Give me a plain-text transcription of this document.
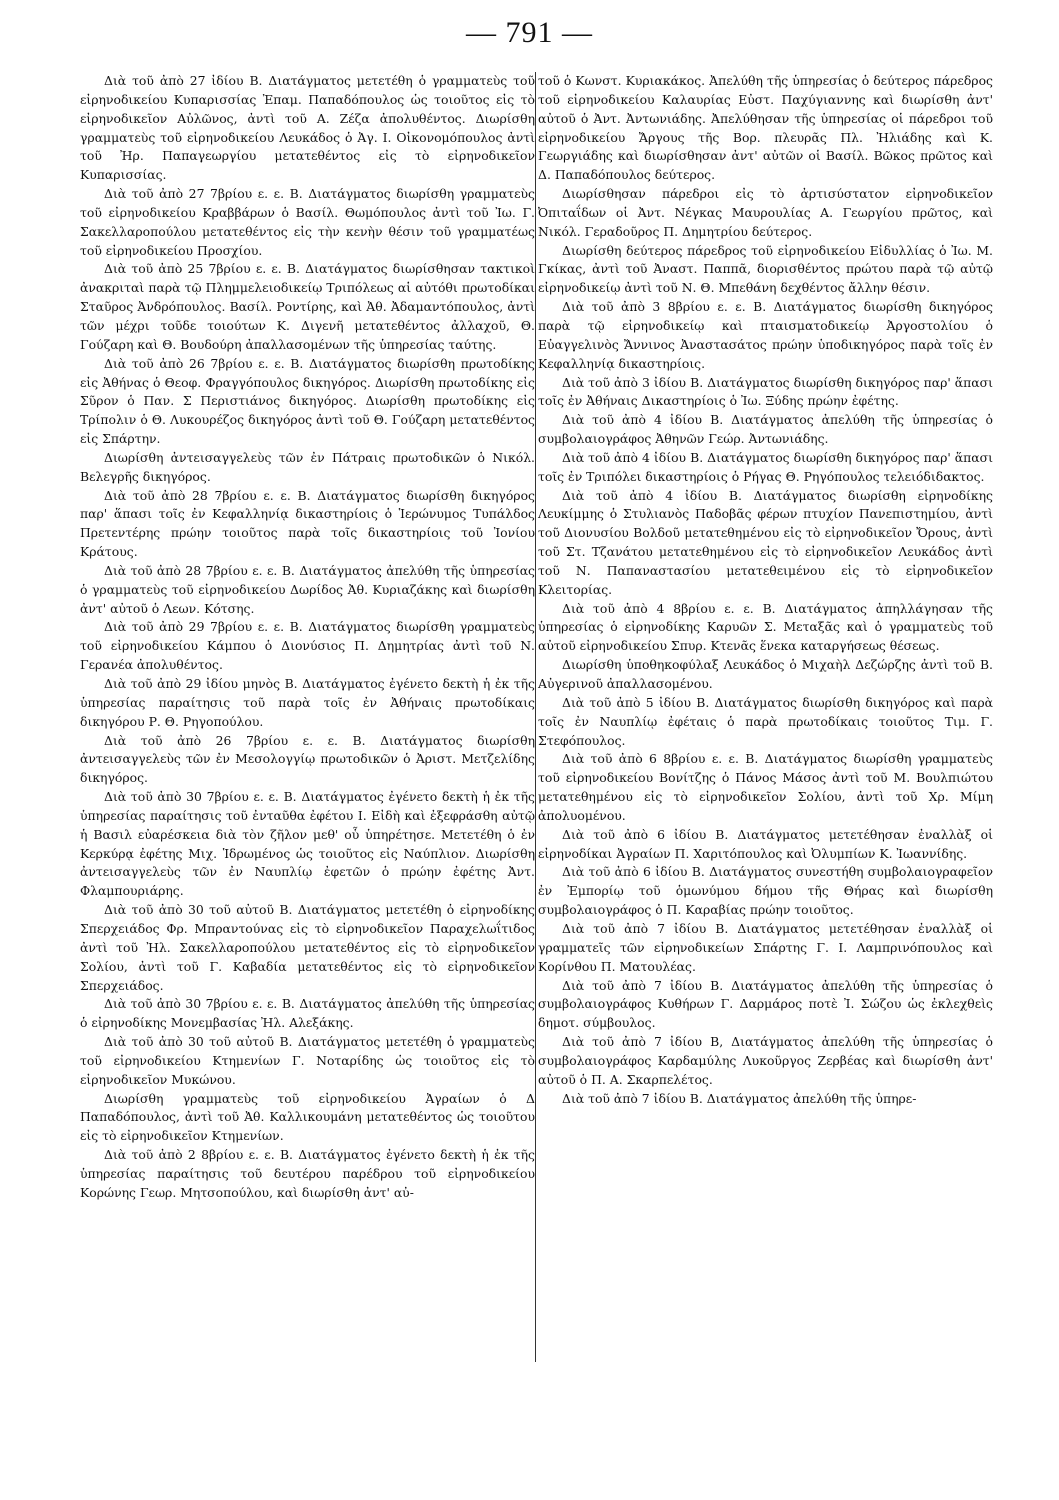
— 791 —

Διὰ τοῦ ἀπὸ 27 ἰδίου Β. Διατάγματος μετετέθη ὁ γραμματεὺς τοῦ εἰρηνοδικείου Κυπαρισσίας Ἐπαμ. Παπαδόπουλος ὡς τοιοῦτος εἰς τὸ εἰρηνοδικεῖον Αὐλῶνος, ἀντὶ τοῦ Α. Ζέζα ἀπολυθέντος. Διωρίσθη γραμματεὺς τοῦ εἰρηνοδικείου Λευκάδος ὁ Ἀγ. Ι. Οἰκονομόπουλος ἀντὶ τοῦ Ἠρ. Παπαγεωργίου μετατεθέντος εἰς τὸ εἰρηνοδικεῖον Κυπαρισσίας.

Διὰ τοῦ ἀπὸ 27 7βρίου ε. ε. Β. Διατάγματος διωρίσθη γραμματεὺς τοῦ εἰρηνοδικείου Κραββάρων ὁ Βασίλ. Θωμόπουλος ἀντὶ τοῦ Ἰω. Γ. Σακελλαροπούλου μετατεθέντος εἰς τὴν κενὴν θέσιν τοῦ γραμματέως τοῦ εἰρηνοδικείου Προσχίου.

Διὰ τοῦ ἀπὸ 25 7βρίου ε. ε. Β. Διατάγματος διωρίσθησαν τακτικοὶ ἀνακριταὶ παρὰ τῷ Πλημμελειοδικείῳ Τριπόλεως αἱ αὐτόθι πρωτοδίκαι Σταῦρος Ἀνδρόπουλος. Βασίλ. Ροντίρης, καὶ Ἀθ. Ἀδαμαντόπουλος, ἀντὶ τῶν μέχρι τοῦδε τοιούτων Κ. Διγενῆ μετατεθέντος ἀλλαχοῦ, Θ. Γούζαρη καὶ Θ. Βουδούρη ἀπαλλασομένων τῆς ὑπηρεσίας ταύτης.

Διὰ τοῦ ἀπὸ 26 7βρίου ε. ε. Β. Διατάγματος διωρίσθη πρωτοδίκης εἰς Ἀθήνας ὁ Θεοφ. Φραγγόπουλος δικηγόρος. Διωρίσθη πρωτοδίκης εἰς Σῦρον ὁ Παν. Σ Περιστιάνος δικηγόρος. Διωρίσθη πρωτοδίκης εἰς Τρίπολιν ὁ Θ. Λυκουρέζος δικηγόρος ἀντὶ τοῦ Θ. Γούζαρη μετατεθέντος εἰς Σπάρτην.

Διωρίσθη ἀντεισαγγελεὺς τῶν ἐν Πάτραις πρωτοδικῶν ὁ Νικόλ. Βελεγρῆς δικηγόρος.

Διὰ τοῦ ἀπὸ 28 7βρίου ε. ε. Β. Διατάγματος διωρίσθη δικηγόρος παρ' ἅπασι τοῖς ἐν Κεφαλληνίᾳ δικαστηρίοις ὁ Ἱερώνυμος Τυπάλδος Πρετεντέρης πρώην τοιοῦτος παρὰ τοῖς δικαστηρίοις τοῦ Ἰονίου Κράτους.

Διὰ τοῦ ἀπὸ 28 7βρίου ε. ε. Β. Διατάγματος ἀπελύθη τῆς ὑπηρεσίας ὁ γραμματεὺς τοῦ εἰρηνοδικείου Δωρίδος Ἀθ. Κυριαζάκης καὶ διωρίσθη ἀντ' αὐτοῦ ὁ Λεων. Κότσης.

Διὰ τοῦ ἀπὸ 29 7βρίου ε. ε. Β. Διατάγματος διωρίσθη γραμματεὺς τοῦ εἰρηνοδικείου Κάμπου ὁ Διονύσιος Π. Δημητρίας ἀντὶ τοῦ Ν. Γερανέα ἀπολυθέντος.

Διὰ τοῦ ἀπὸ 29 ἰδίου μηνὸς Β. Διατάγματος ἐγένετο δεκτὴ ἡ ἐκ τῆς ὑπηρεσίας παραίτησις τοῦ παρὰ τοῖς ἐν Ἀθήναις πρωτοδίκαις δικηγόρου Ρ. Θ. Ρηγοπούλου.

Διὰ τοῦ ἀπὸ 26 7βρίου ε. ε. Β. Διατάγματος διωρίσθη ἀντεισαγγελεὺς τῶν ἐν Μεσολογγίῳ πρωτοδικῶν ὁ Ἀριστ. Μετζελίδης δικηγόρος.

Διὰ τοῦ ἀπὸ 30 7βρίου ε. ε. Β. Διατάγματος ἐγένετο δεκτὴ ἡ ἐκ τῆς ὑπηρεσίας παραίτησις τοῦ ἐνταῦθα ἐφέτου Ι. Εἰδὴ καὶ ἐξεφράσθη αὐτῷ ἡ Βασιλ εὐαρέσκεια διὰ τὸν ζῆλον μεθ' οὗ ὑπηρέτησε. Μετετέθη ὁ ἐν Κερκύρᾳ ἐφέτης Μιχ. Ἱδρωμένος ὡς τοιοῦτος εἰς Ναύπλιον. Διωρίσθη ἀντεισαγγελεὺς τῶν ἐν Ναυπλίῳ ἐφετῶν ὁ πρώην ἐφέτης Ἀντ. Φλαμπουριάρης.

Διὰ τοῦ ἀπὸ 30 τοῦ αὐτοῦ Β. Διατάγματος μετετέθη ὁ εἰρηνοδίκης Σπερχειάδος Φρ. Μπραντούνας εἰς τὸ εἰρηνοδικεῖον Παραχελωΐτιδος ἀντὶ τοῦ Ἠλ. Σακελλαροπούλου μετατεθέντος εἰς τὸ εἰρηνοδικεῖον Σολίου, ἀντὶ τοῦ Γ. Καβαδία μετατεθέντος εἰς τὸ εἰρηνοδικεῖον Σπερχειάδος.

Διὰ τοῦ ἀπὸ 30 7βρίου ε. ε. Β. Διατάγματος ἀπελύθη τῆς ὑπηρεσίας ὁ εἰρηνοδίκης Μονεμβασίας Ἠλ. Αλεξάκης.

Διὰ τοῦ ἀπὸ 30 τοῦ αὐτοῦ Β. Διατάγματος μετετέθη ὁ γραμματεὺς τοῦ εἰρηνοδικείου Κτημενίων Γ. Νοταρίδης ὡς τοιοῦτος εἰς τὸ εἰρηνοδικεῖον Μυκώνου.

Διωρίσθη γραμματεὺς τοῦ εἰρηνοδικείου Ἀγραίων ὁ Δ Παπαδόπουλος, ἀντὶ τοῦ Ἀθ. Καλλικουμάνη μετατεθέντος ὡς τοιοῦτου εἰς τὸ εἰρηνοδικεῖον Κτημενίων.

Διὰ τοῦ ἀπὸ 2 8βρίου ε. ε. Β. Διατάγματος ἐγένετο δεκτὴ ἡ ἐκ τῆς ὑπηρεσίας παραίτησις τοῦ δευτέρου παρέδρου τοῦ εἰρηνοδικείου Κορώνης Γεωρ. Μητσοπούλου, καὶ διωρίσθη ἀντ' αὐ-

τοῦ ὁ Κωνστ. Κυριακάκος. Ἀπελύθη τῆς ὑπηρεσίας ὁ δεύτερος πάρεδρος τοῦ εἰρηνοδικείου Καλαυρίας Εὐστ. Παχύγιαννης καὶ διωρίσθη ἀντ' αὐτοῦ ὁ Ἀντ. Ἀντωνιάδης. Ἀπελύθησαν τῆς ὑπηρεσίας οἱ πάρεδροι τοῦ εἰρηνοδικείου Ἄργους τῆς Βορ. πλευρᾶς Πλ. Ἠλιάδης καὶ Κ. Γεωργιάδης καὶ διωρίσθησαν ἀντ' αὐτῶν οἱ Βασίλ. Βῶκος πρῶτος καὶ Δ. Παπαδόπουλος δεύτερος.

Διωρίσθησαν πάρεδροι εἰς τὸ ἀρτισύστατον εἰρηνοδικεῖον Ὀπιταΐδων οἱ Ἀντ. Νέγκας Μαυρουλίας Α. Γεωργίου πρῶτος, καὶ Νικόλ. Γεραδοῦρος Π. Δημητρίου δεύτερος.

Διωρίσθη δεύτερος πάρεδρος τοῦ εἰρηνοδικείου Εἰδυλλίας ὁ Ἰω. Μ. Γκίκας, ἀντὶ τοῦ Ἀναστ. Παππᾶ, διορισθέντος πρώτου παρὰ τῷ αὐτῷ εἰρηνοδικείῳ ἀντὶ τοῦ Ν. Θ. Μπεθάνη δεχθέντος ἄλλην θέσιν.

Διὰ τοῦ ἀπὸ 3 8βρίου ε. ε. Β. Διατάγματος διωρίσθη δικηγόρος παρὰ τῷ εἰρηνοδικείῳ καὶ πταισματοδικείῳ Ἀργοστολίου ὁ Εὐαγγελινὸς Ἄννινος Ἀναστασάτος πρώην ὑποδικηγόρος παρὰ τοῖς ἐν Κεφαλληνίᾳ δικαστηρίοις.

Διὰ τοῦ ἀπὸ 3 ἰδίου Β. Διατάγματος διωρίσθη δικηγόρος παρ' ἅπασι τοῖς ἐν Ἀθήναις Δικαστηρίοις ὁ Ἰω. Ξύδης πρώην ἐφέτης.

Διὰ τοῦ ἀπὸ 4 ἰδίου Β. Διατάγματος ἀπελύθη τῆς ὑπηρεσίας ὁ συμβολαιογράφος Ἀθηνῶν Γεώρ. Ἀντωνιάδης.

Διὰ τοῦ ἀπὸ 4 ἰδίου Β. Διατάγματος διωρίσθη δικηγόρος παρ' ἅπασι τοῖς ἐν Τριπόλει δικαστηρίοις ὁ Ρήγας Θ. Ρηγόπουλος τελειόδιδακτος.

Διὰ τοῦ ἀπὸ 4 ἰδίου Β. Διατάγματος διωρίσθη εἰρηνοδίκης Λευκίμμης ὁ Στυλιανὸς Παδοβᾶς φέρων πτυχίον Πανεπιστημίου, ἀντὶ τοῦ Διονυσίου Βολδοῦ μετατεθημένου εἰς τὸ εἰρηνοδικεῖον Ὄρους, ἀντὶ τοῦ Στ. Τζανάτου μετατεθημένου εἰς τὸ εἰρηνοδικεῖον Λευκάδος ἀντὶ τοῦ Ν. Παπαναστασίου μετατεθειμένου εἰς τὸ εἰρηνοδικεῖον Κλειτορίας.

Διὰ τοῦ ἀπὸ 4 8βρίου ε. ε. Β. Διατάγματος ἀπηλλάγησαν τῆς ὑπηρεσίας ὁ εἰρηνοδίκης Καρυῶν Σ. Μεταξᾶς καὶ ὁ γραμματεὺς τοῦ αὐτοῦ εἰρηνοδικείου Σπυρ. Κτενᾶς ἕνεκα καταργήσεως θέσεως.

Διωρίσθη ὑποθηκοφύλαξ Λευκάδος ὁ Μιχαὴλ Δεζώρζης ἀντὶ τοῦ Β. Αὐγερινοῦ ἀπαλλασομένου.

Διὰ τοῦ ἀπὸ 5 ἰδίου Β. Διατάγματος διωρίσθη δικηγόρος καὶ παρὰ τοῖς ἐν Ναυπλίῳ ἐφέταις ὁ παρὰ πρωτοδίκαις τοιοῦτος Τιμ. Γ. Στεφόπουλος.

Διὰ τοῦ ἀπὸ 6 8βρίου ε. ε. Β. Διατάγματος διωρίσθη γραμματεὺς τοῦ εἰρηνοδικείου Βονίτζης ὁ Πάνος Μάσος ἀντὶ τοῦ Μ. Βουλπιώτου μετατεθημένου εἰς τὸ εἰρηνοδικεῖον Σολίου, ἀντὶ τοῦ Χρ. Μίμη ἀπολυομένου.

Διὰ τοῦ ἀπὸ 6 ἰδίου Β. Διατάγματος μετετέθησαν ἐναλλὰξ οἱ εἰρηνοδίκαι Ἀγραίων Π. Χαριτόπουλος καὶ Ὀλυμπίων Κ. Ἰωαννίδης.

Διὰ τοῦ ἀπὸ 6 ἰδίου Β. Διατάγματος συνεστήθη συμβολαιογραφεῖον ἐν Ἐμπορίῳ τοῦ ὁμωνύμου δήμου τῆς Θήρας καὶ διωρίσθη συμβολαιογράφος ὁ Π. Καραβίας πρώην τοιοῦτος.

Διὰ τοῦ ἀπὸ 7 ἰδίου Β. Διατάγματος μετετέθησαν ἐναλλὰξ οἱ γραμματεῖς τῶν εἰρηνοδικείων Σπάρτης Γ. Ι. Λαμπρινόπουλος καὶ Κορίνθου Π. Ματουλέας.

Διὰ τοῦ ἀπὸ 7 ἰδίου Β. Διατάγματος ἀπελύθη τῆς ὑπηρεσίας ὁ συμβολαιογράφος Κυθήρων Γ. Δαρμάρος ποτὲ Ἰ. Σώζου ὡς ἐκλεχθεὶς δημοτ. σύμβουλος.

Διὰ τοῦ ἀπὸ 7 ἰδίου Β, Διατάγματος ἀπελύθη τῆς ὑπηρεσίας ὁ συμβολαιογράφος Καρδαμύλης Λυκοῦργος Ζερβέας καὶ διωρίσθη ἀντ' αὐτοῦ ὁ Π. Α. Σκαρπελέτος.

Διὰ τοῦ ἀπὸ 7 ἰδίου Β. Διατάγματος ἀπελύθη τῆς ὑπηρε-
